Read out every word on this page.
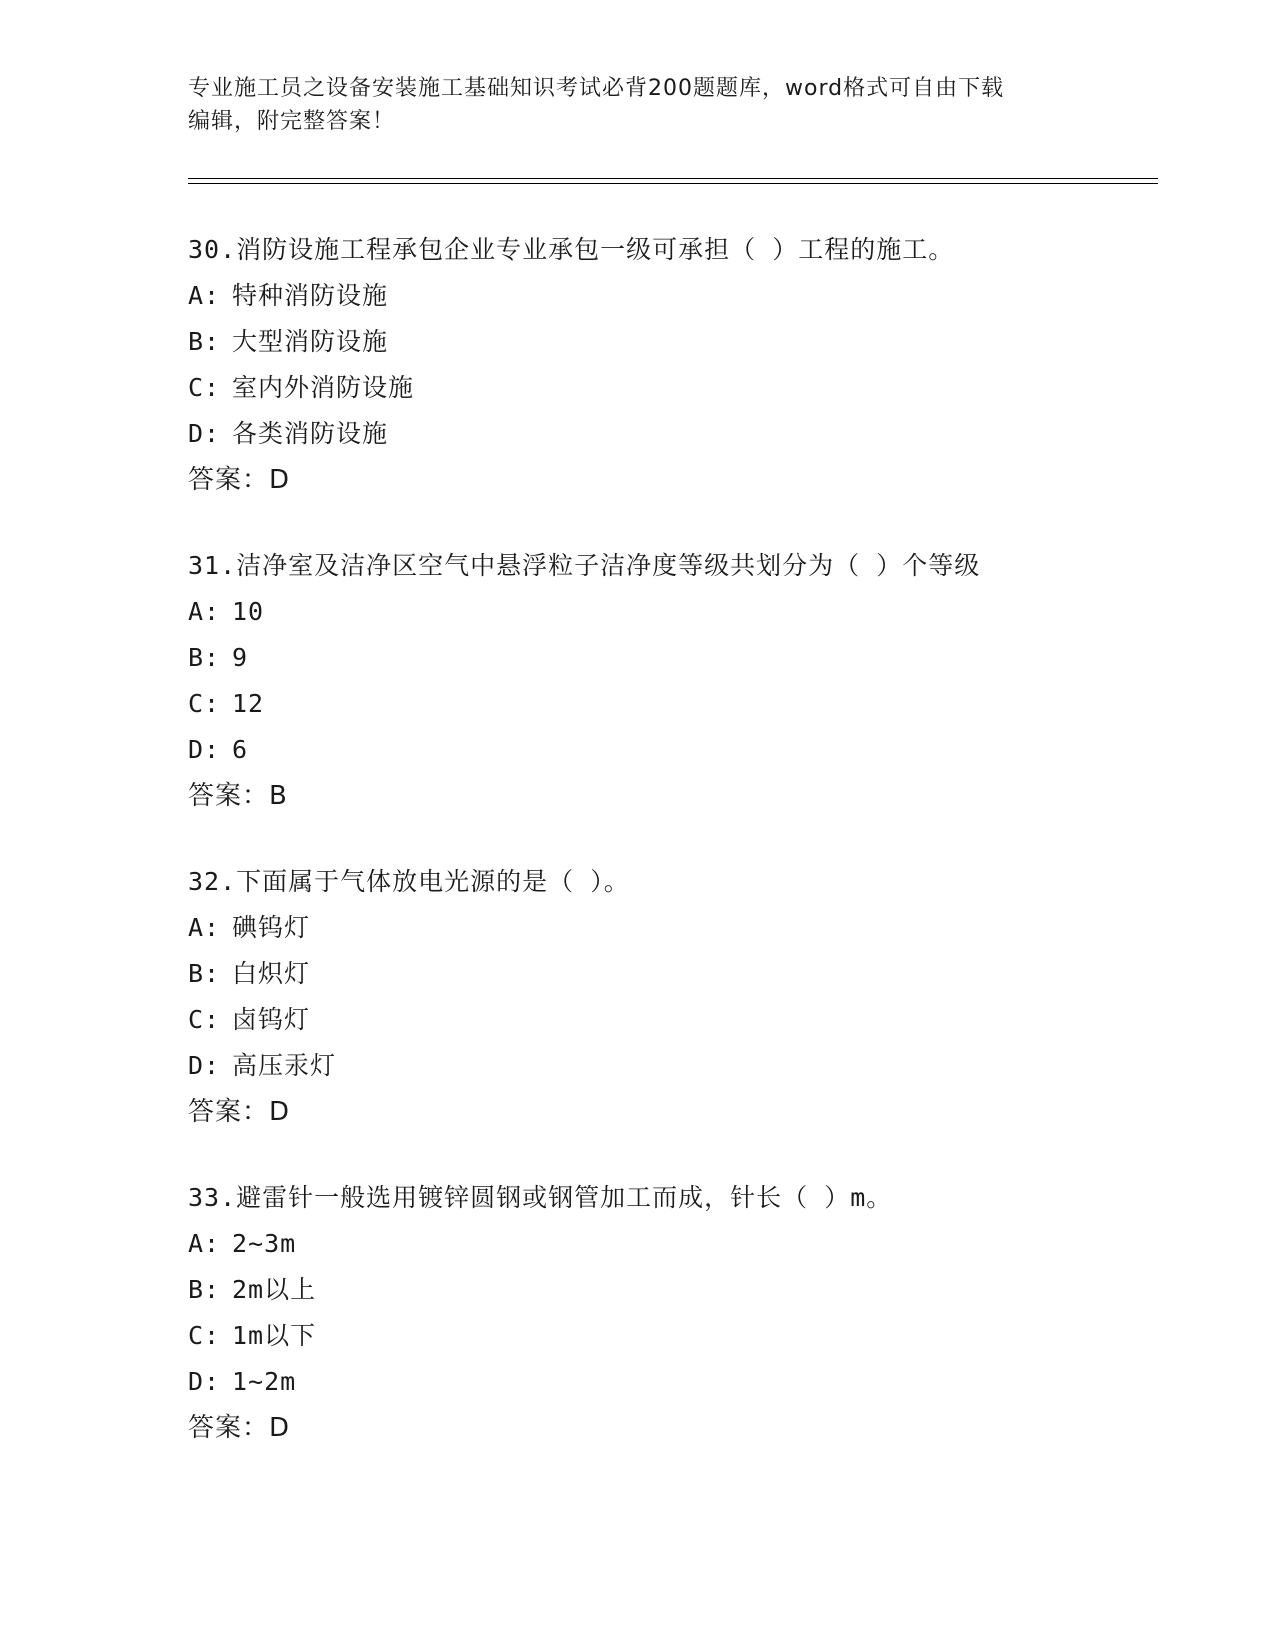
专业施工员之设备安装施工基础知识考试必背200题题库，word格式可自由下载
编辑，附完整答案！
30.消防设施工程承包企业专业承包一级可承担（ ）工程的施工。
A: 特种消防设施
B: 大型消防设施
C: 室内外消防设施
D: 各类消防设施
答案：D
31.洁净室及洁净区空气中悬浮粒子洁净度等级共划分为（ ）个等级
A: 10
B: 9
C: 12
D: 6
答案：B
32.下面属于气体放电光源的是（ ）。
A: 碘钨灯
B: 白炽灯
C: 卤钨灯
D: 高压汞灯
答案：D
33.避雷针一般选用镀锌圆钢或钢管加工而成，针长（ ）m。
A: 2~3m
B: 2m以上
C: 1m以下
D: 1~2m
答案：D
